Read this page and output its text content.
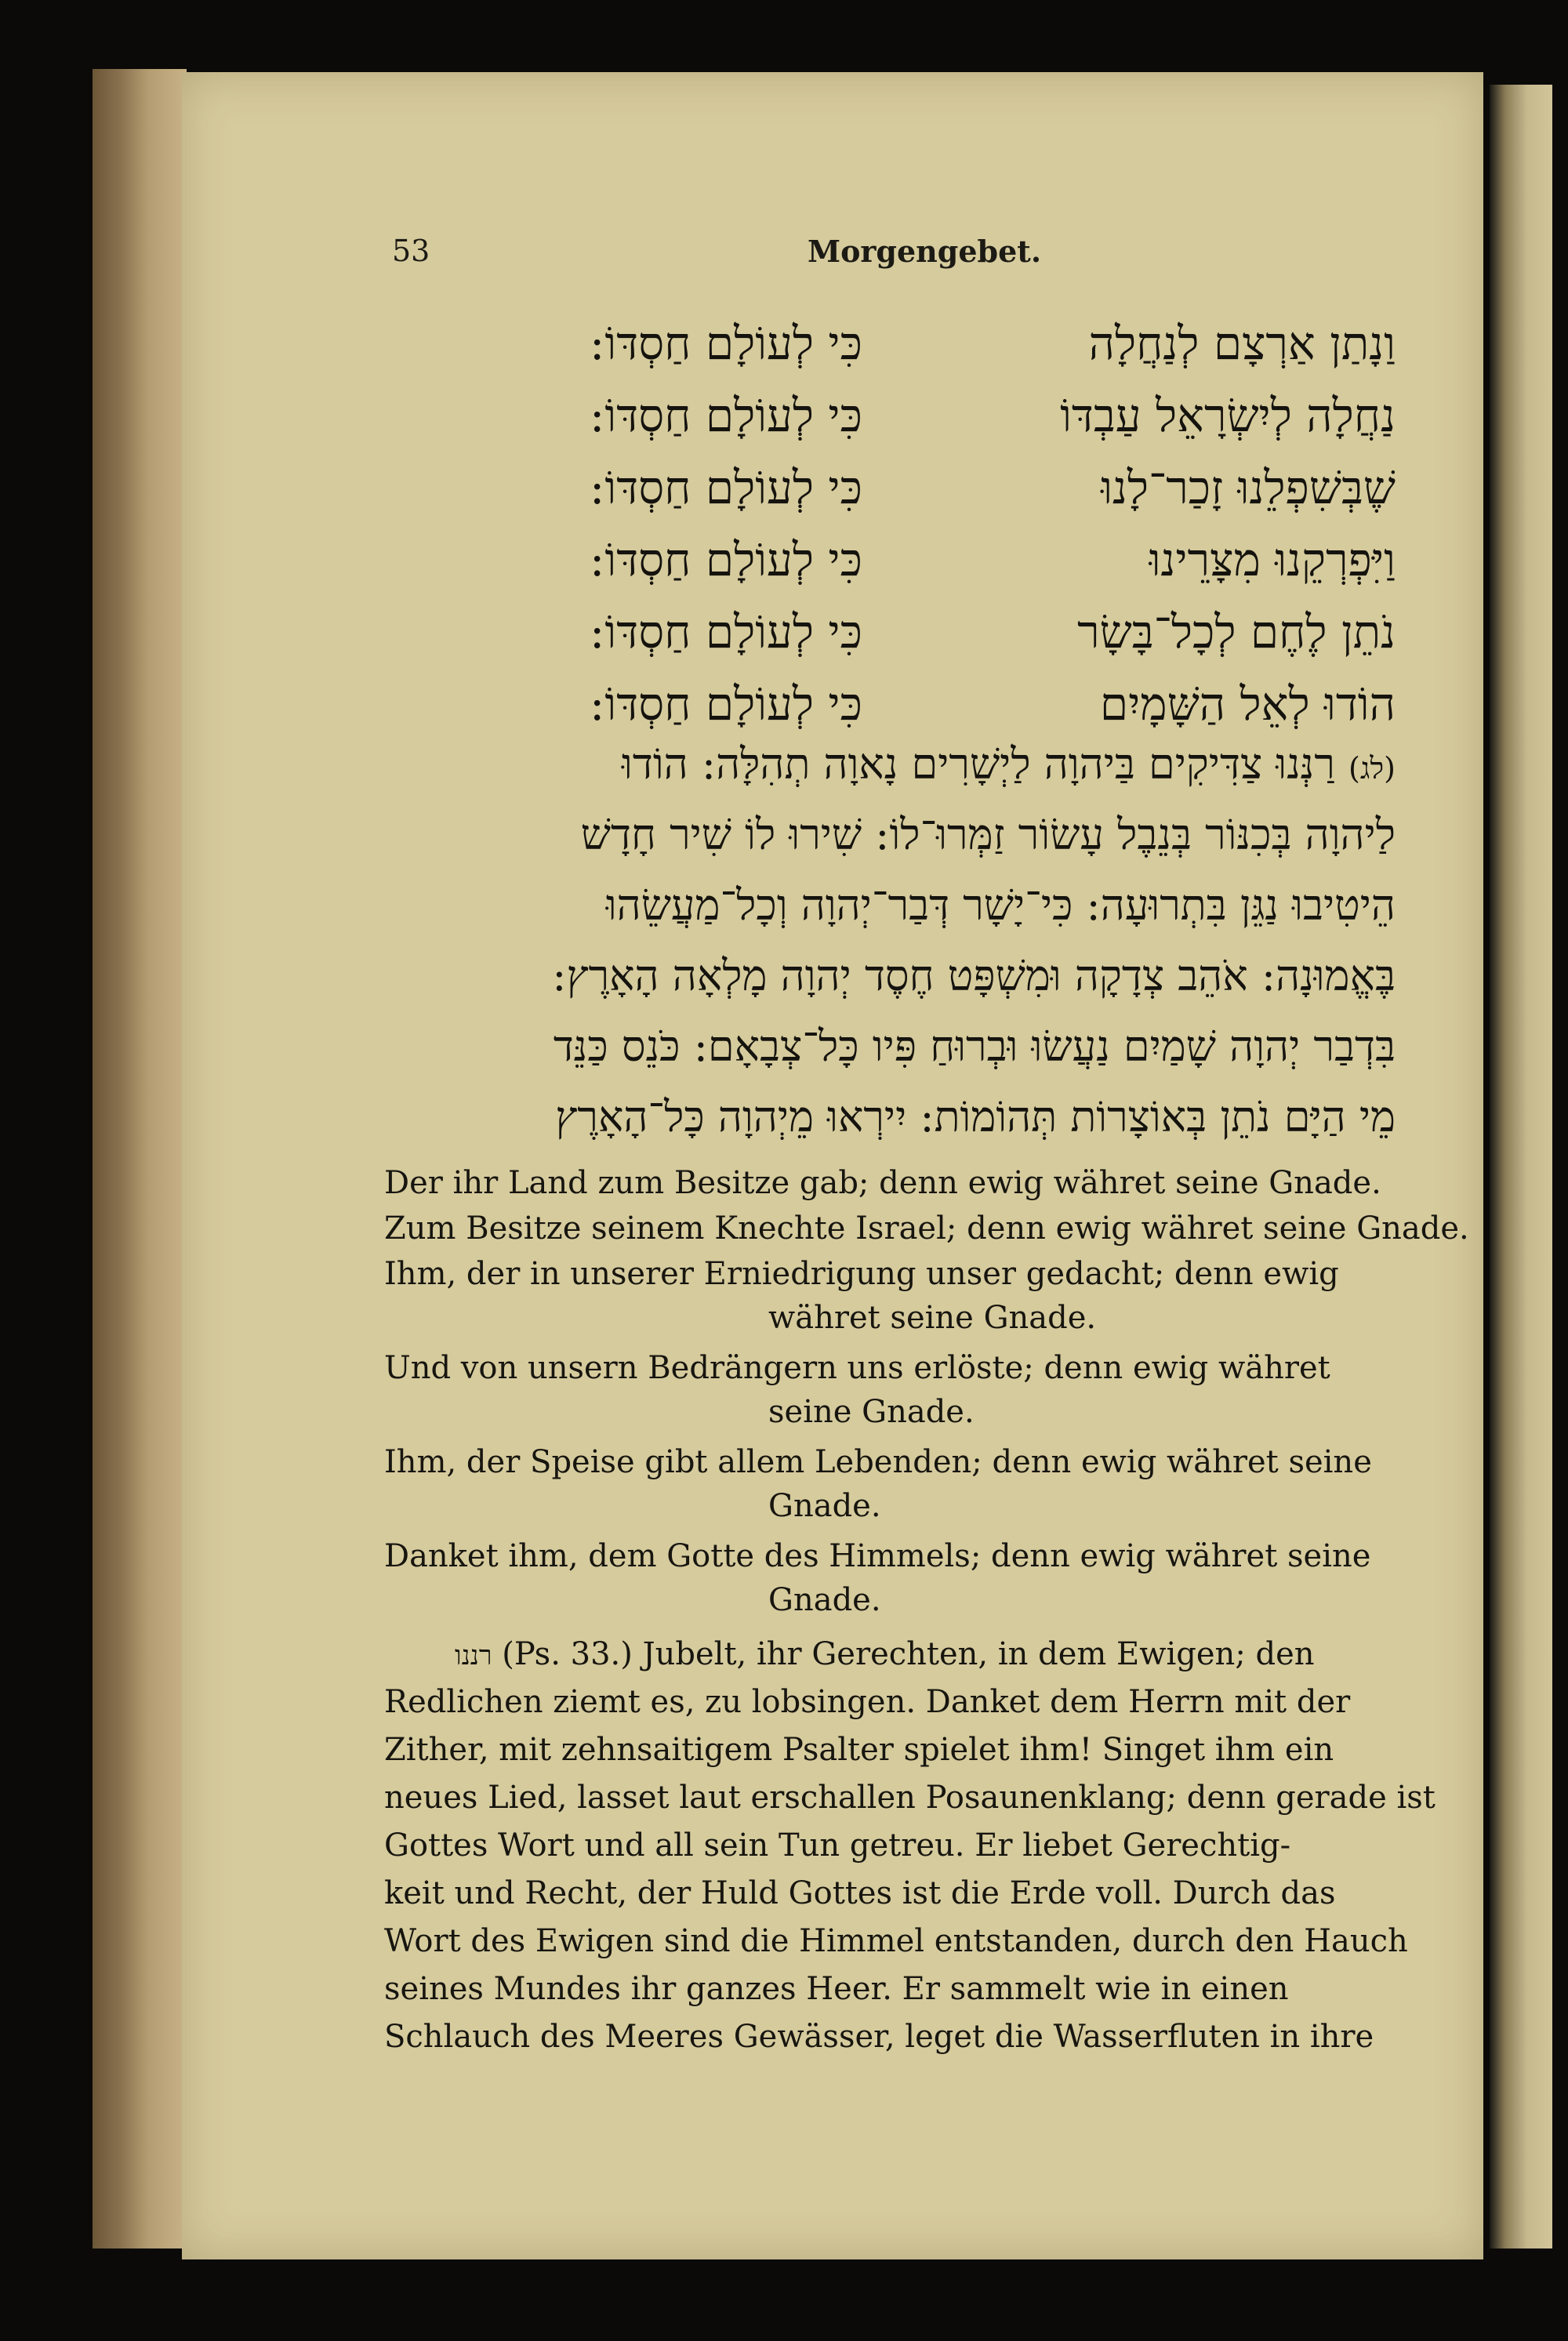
53	Morgengebet.
וַנָתַן אַרְצָם לְנַחֲלָה
כִּי לְעוֹלָם חַסְדּוֹ:
נַחֲלָה לְיִשְׂרָאֵל עַבְדּוֹ
כִּי לְעוֹלָם חַסְדּוֹ:
שֶׁבְּשִׁפְלֵנוּ זָכַר־לָנוּ
כִּי לְעוֹלָם חַסְדּוֹ:
וַיִּפְרְקֵנוּ מִצָּרֵינוּ
כִּי לְעוֹלָם חַסְדּוֹ:
נֹתֵן לֶחֶם לְכָל־בָּשָׂר
כִּי לְעוֹלָם חַסְדּוֹ:
הוֹדוּ לְאֵל הַשָּׁמָיִם
כִּי לְעוֹלָם חַסְדּוֹ:
(לג) רַנְּנוּ צַדִּיקִים בַּיהוָה לַיְשָׁרִים נָאוָה תְהִלָּה: הוֹדוּ
לַיהוָה בְּכִנּוֹר בְּנֵבֶל עָשׂוֹר זַמְּרוּ־לוֹ: שִׁירוּ לוֹ שִׁיר חָדָשׁ
הֵיטִיבוּ נַגֵּן בִּתְרוּעָה: כִּי־יָשָׁר דְּבַר־יְהוָה וְכָל־מַעֲשֵׂהוּ
בֶּאֱמוּנָה: אֹהֵב צְדָקָה וּמִשְׁפָּט חֶסֶד יְהוָה מָלְאָה הָאָרֶץ:
בִּדְבַר יְהוָה שָׁמַיִם נַעֲשׂוּ וּבְרוּחַ פִּיו כָּל־צְבָאָם: כֹּנֵס כַּנֵּד
מֵי הַיָּם נֹתֵן בְּאוֹצָרוֹת תְּהוֹמוֹת: יִירְאוּ מֵיְהוָה כָּל־הָאָרֶץ
Der ihr Land zum Besitze gab; denn ewig währet seine Gnade.
Zum Besitze seinem Knechte Israel; denn ewig währet seine Gnade.
Ihm, der in unserer Erniedrigung unser gedacht; denn ewig
währet seine Gnade.
Und von unsern Bedrängern uns erlöste; denn ewig währet
seine Gnade.
Ihm, der Speise gibt allem Lebenden; denn ewig währet seine
Gnade.
Danket ihm, dem Gotte des Himmels; denn ewig währet seine
Gnade.
רננו (Ps. 33.) Jubelt, ihr Gerechten, in dem Ewigen; den
Redlichen ziemt es, zu lobsingen. Danket dem Herrn mit der
Zither, mit zehnsaitigem Psalter spielet ihm! Singet ihm ein
neues Lied, lasset laut erschallen Posaunenklang; denn gerade ist
Gottes Wort und all sein Tun getreu. Er liebet Gerechtig-
keit und Recht, der Huld Gottes ist die Erde voll. Durch das
Wort des Ewigen sind die Himmel entstanden, durch den Hauch
seines Mundes ihr ganzes Heer. Er sammelt wie in einen
Schlauch des Meeres Gewässer, leget die Wasserfluten in ihre
